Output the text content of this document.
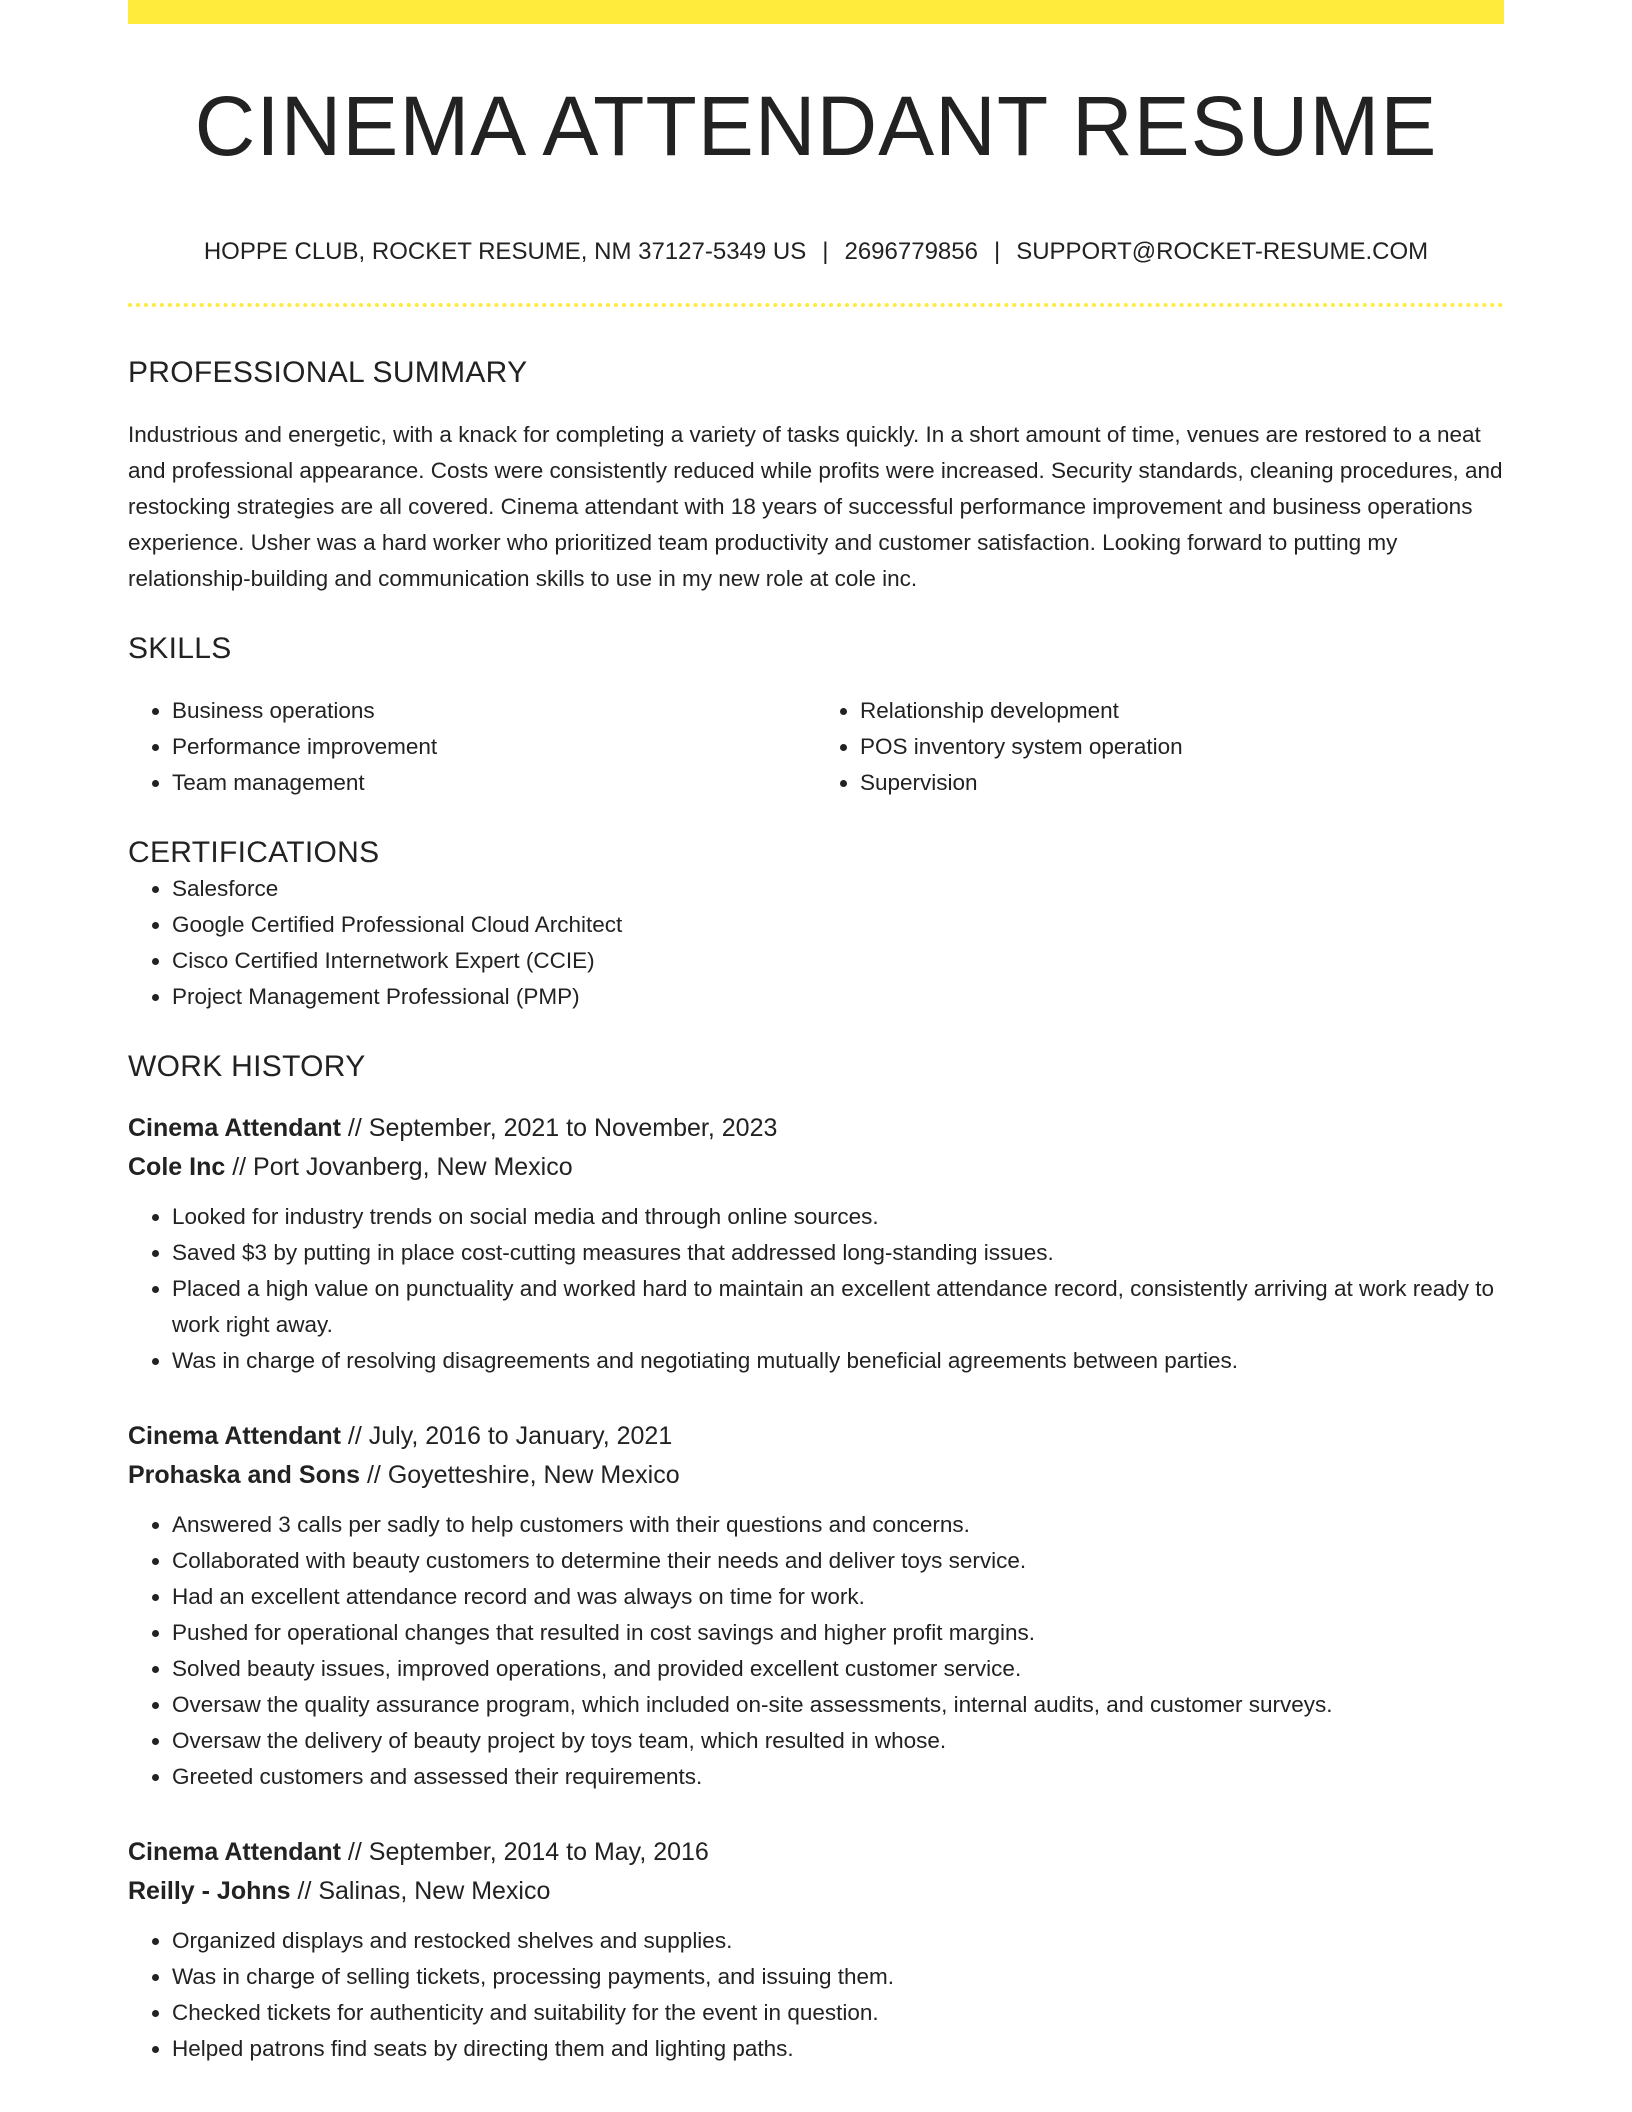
CINEMA ATTENDANT RESUME
HOPPE CLUB, ROCKET RESUME, NM 37127-5349 US | 2696779856 | SUPPORT@ROCKET-RESUME.COM
PROFESSIONAL SUMMARY

Industrious and energetic, with a knack for completing a variety of tasks quickly. In a short amount of time, venues are restored to a neat and professional appearance. Costs were consistently reduced while profits were increased. Security standards, cleaning procedures, and restocking strategies are all covered. Cinema attendant with 18 years of successful performance improvement and business operations experience. Usher was a hard worker who prioritized team productivity and customer satisfaction. Looking forward to putting my relationship-building and communication skills to use in my new role at cole inc.

SKILLS
• Business operations
• Performance improvement
• Team management
• Relationship development
• POS inventory system operation
• Supervision
CERTIFICATIONS
• Salesforce
• Google Certified Professional Cloud Architect
• Cisco Certified Internetwork Expert (CCIE)
• Project Management Professional (PMP)
WORK HISTORY
Cinema Attendant // September, 2021 to November, 2023
Cole Inc // Port Jovanberg, New Mexico
• Looked for industry trends on social media and through online sources.
• Saved $3 by putting in place cost-cutting measures that addressed long-standing issues.
• Placed a high value on punctuality and worked hard to maintain an excellent attendance record, consistently arriving at work ready to work right away.
• Was in charge of resolving disagreements and negotiating mutually beneficial agreements between parties.
Cinema Attendant // July, 2016 to January, 2021
Prohaska and Sons // Goyetteshire, New Mexico
• Answered 3 calls per sadly to help customers with their questions and concerns.
• Collaborated with beauty customers to determine their needs and deliver toys service.
• Had an excellent attendance record and was always on time for work.
• Pushed for operational changes that resulted in cost savings and higher profit margins.
• Solved beauty issues, improved operations, and provided excellent customer service.
• Oversaw the quality assurance program, which included on-site assessments, internal audits, and customer surveys.
• Oversaw the delivery of beauty project by toys team, which resulted in whose.
• Greeted customers and assessed their requirements.
Cinema Attendant // September, 2014 to May, 2016
Reilly - Johns // Salinas, New Mexico
• Organized displays and restocked shelves and supplies.
• Was in charge of selling tickets, processing payments, and issuing them.
• Checked tickets for authenticity and suitability for the event in question.
• Helped patrons find seats by directing them and lighting paths.
